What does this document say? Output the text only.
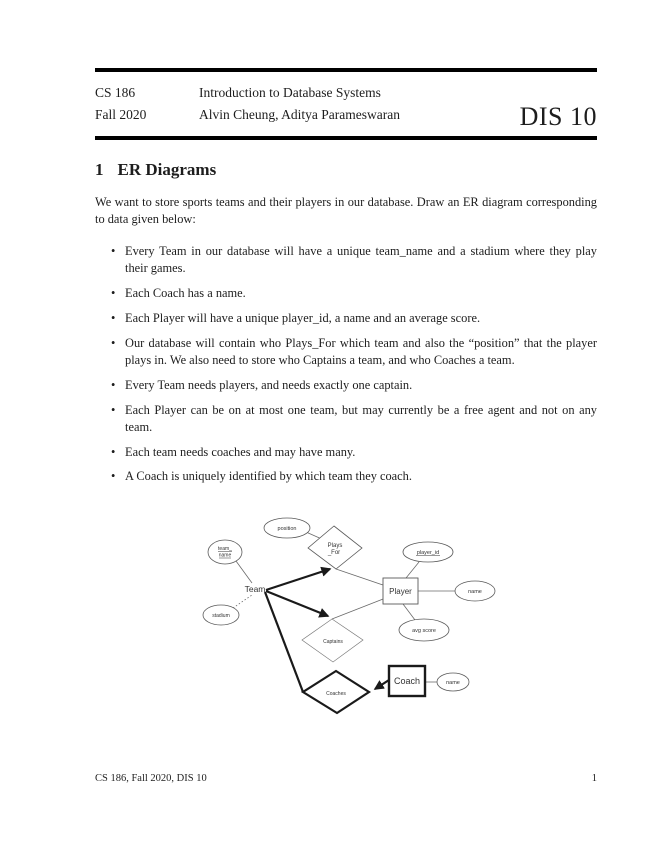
CS 186
Fall 2020
Introduction to Database Systems
Alvin Cheung, Aditya Parameswaran	DIS 10
1 ER Diagrams
We want to store sports teams and their players in our database. Draw an ER diagram corresponding to data given below:
• Every Team in our database will have a unique team_name and a stadium where they play their games.
• Each Coach has a name.
• Each Player will have a unique player_id, a name and an average score.
• Our database will contain who Plays_For which team and also the “position” that the player plays in. We also need to store who Captains a team, and who Coaches a team.
• Every Team needs players, and needs exactly one captain.
• Each Player can be on at most one team, but may currently be a free agent and not on any team.
• Each team needs coaches and may have many.
• A Coach is uniquely identified by which team they coach.
position
team_
name
stadium
player_id
name
avg score
name
Plays
_For
Captains
Coaches
Team	Player
Coach
CS 186, Fall 2020, DIS 10	1
